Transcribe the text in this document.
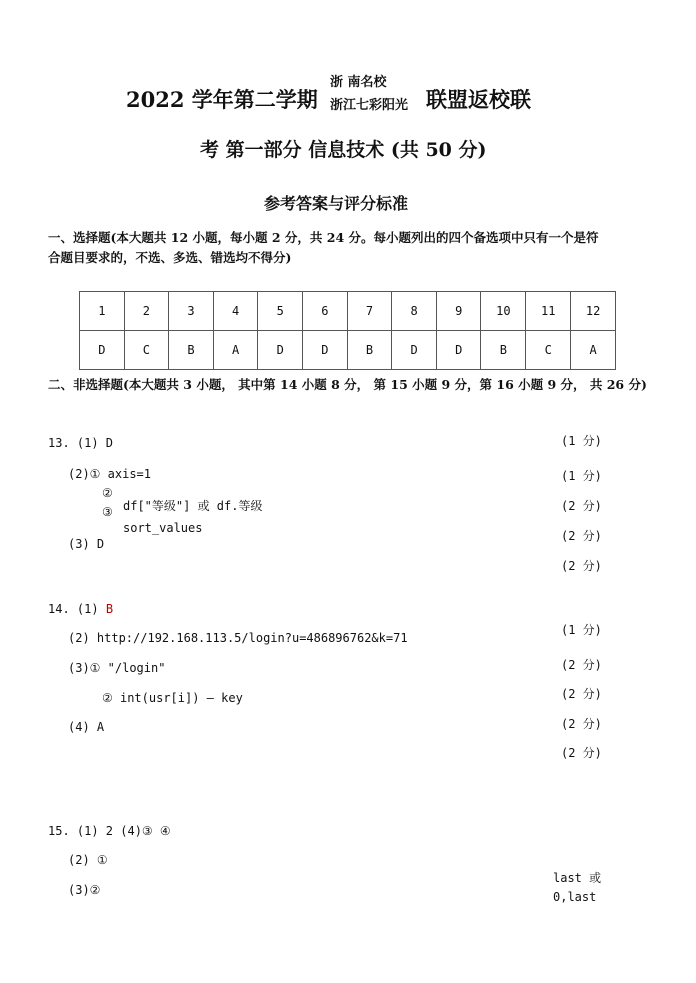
2022 学年第二学期
浙 南名校
浙江七彩阳光 联盟返校联
考 第一部分 信息技术 (共 50 分)
参考答案与评分标准
一、选择题(本大题共 12 小题，每小题 2 分，共 24 分。每小题列出的四个备选项中只有一个是符
合题目要求的，不选、多选、错选均不得分)
1	2	3	4	5	6	7	8	9	10	11	12
D	C	B	A	D	D	B	D	D	B	C	A
二、非选择题(本大题共 3 小题， 其中第 14 小题 8 分， 第 15 小题 9 分，第 16 小题 9 分， 共 26 分)
13. (1) D
(2)① axis=1
②
③ df["等级"] 或 df.等级
sort_values
(3) D
(1 分)
(1 分)
(2 分)
(2 分)
(2 分)
14. (1) B
(2) http://192.168.113.5/login?u=486896762&k=71
(3)① "/login"
② int(usr[i]) – key
(4) A
(1 分)
(2 分)
(2 分)
(2 分)
(2 分)
15. (1) 2 (4)③ ④
(2) ①
(3)②
last 或
0,last
